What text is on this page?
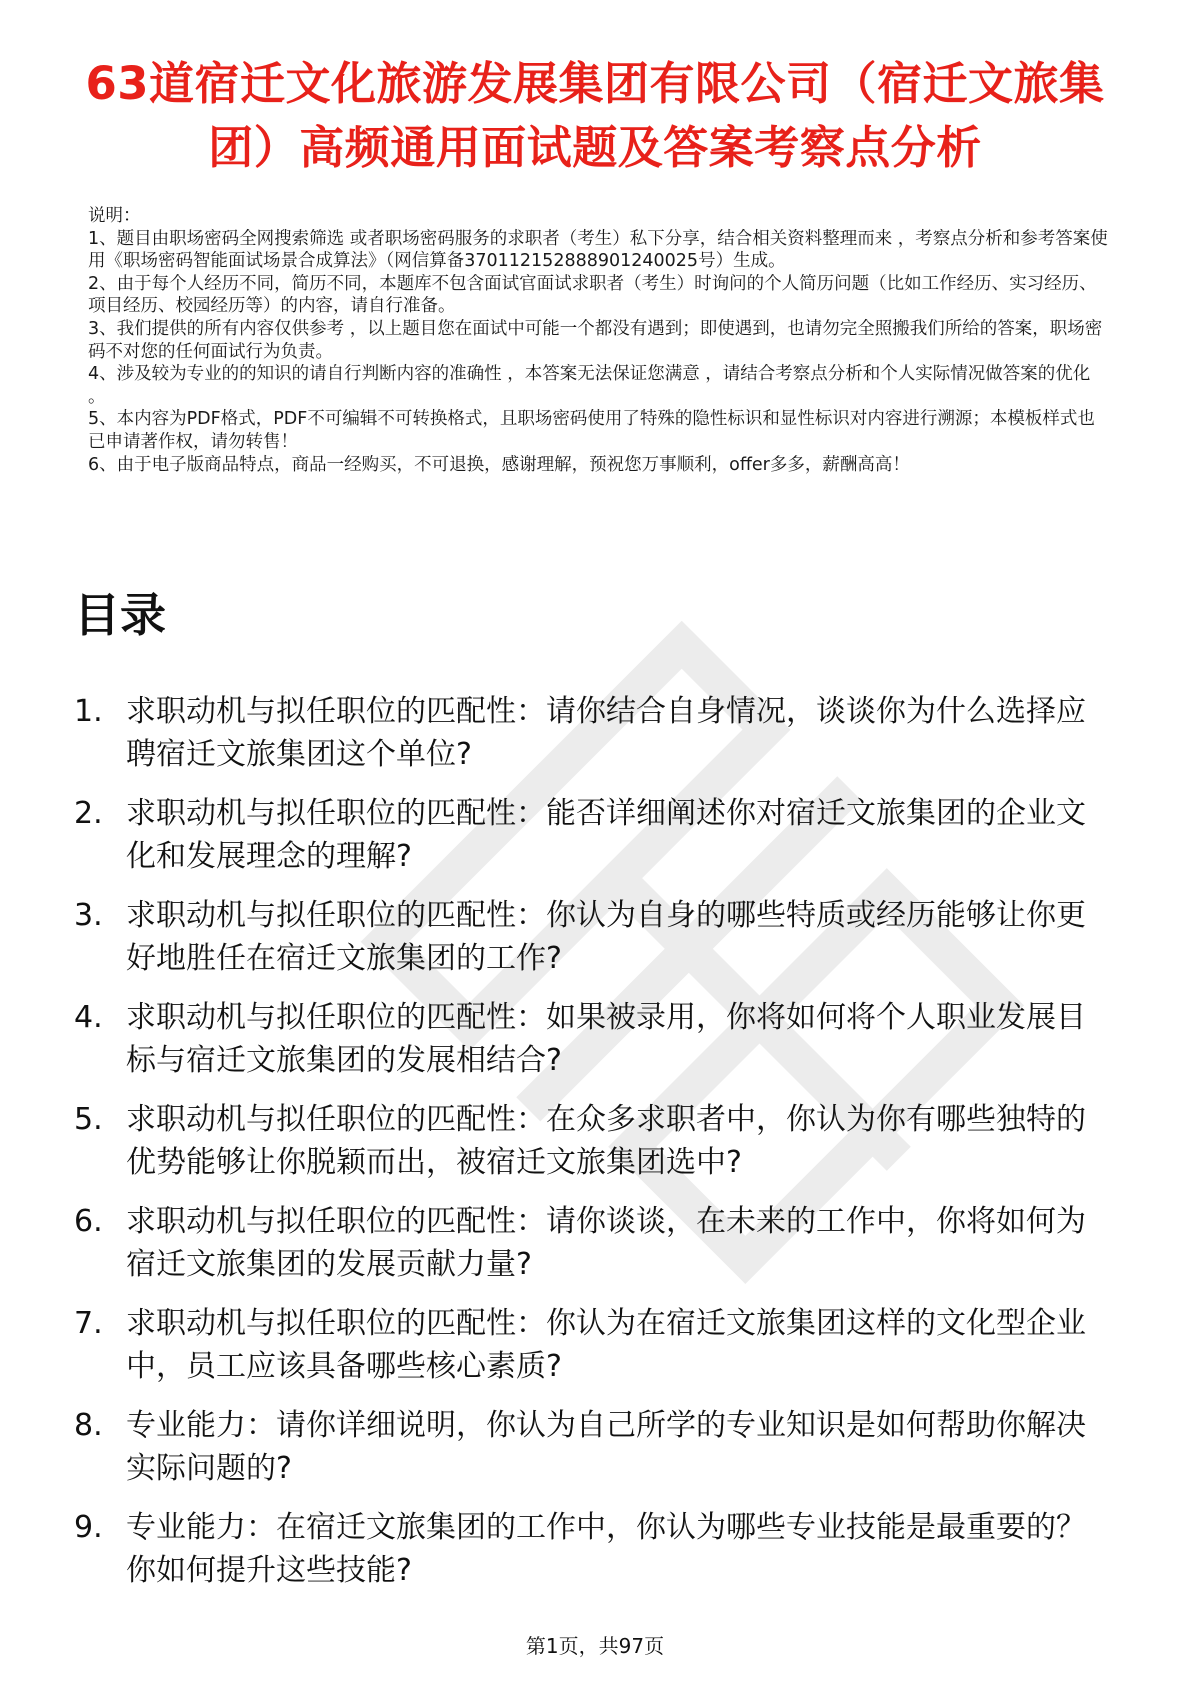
63道宿迁文化旅游发展集团有限公司（宿迁文旅集团）高频通用面试题及答案考察点分析
说明：
1、题目由职场密码全网搜索筛选 或者职场密码服务的求职者（考生）私下分享，结合相关资料整理而来 ，考察点分析和参考答案使用《职场密码智能面试场景合成算法》（网信算备370112152888901240025号）生成。
2、由于每个人经历不同，简历不同，本题库不包含面试官面试求职者（考生）时询问的个人简历问题（比如工作经历、实习经历、项目经历、校园经历等）的内容，请自行准备。
3、我们提供的所有内容仅供参考 ，以上题目您在面试中可能一个都没有遇到；即使遇到，也请勿完全照搬我们所给的答案，职场密码不对您的任何面试行为负责。
4、涉及较为专业的的知识的请自行判断内容的准确性 ，本答案无法保证您满意 ，请结合考察点分析和个人实际情况做答案的优化 。
5、本内容为PDF格式，PDF不可编辑不可转换格式，且职场密码使用了特殊的隐性标识和显性标识对内容进行溯源；本模板样式也已申请著作权，请勿转售！
6、由于电子版商品特点，商品一经购买，不可退换，感谢理解，预祝您万事顺利，offer多多，薪酬高高！
目录
1. 求职动机与拟任职位的匹配性：请你结合自身情况，谈谈你为什么选择应聘宿迁文旅集团这个单位?
2. 求职动机与拟任职位的匹配性：能否详细阐述你对宿迁文旅集团的企业文化和发展理念的理解?
3. 求职动机与拟任职位的匹配性：你认为自身的哪些特质或经历能够让你更好地胜任在宿迁文旅集团的工作?
4. 求职动机与拟任职位的匹配性：如果被录用，你将如何将个人职业发展目标与宿迁文旅集团的发展相结合?
5. 求职动机与拟任职位的匹配性：在众多求职者中，你认为你有哪些独特的优势能够让你脱颖而出，被宿迁文旅集团选中?
6. 求职动机与拟任职位的匹配性：请你谈谈，在未来的工作中，你将如何为宿迁文旅集团的发展贡献力量?
7. 求职动机与拟任职位的匹配性：你认为在宿迁文旅集团这样的文化型企业中，员工应该具备哪些核心素质?
8. 专业能力：请你详细说明，你认为自己所学的专业知识是如何帮助你解决实际问题的?
9. 专业能力：在宿迁文旅集团的工作中，你认为哪些专业技能是最重要的？你如何提升这些技能?
第1页，共97页
